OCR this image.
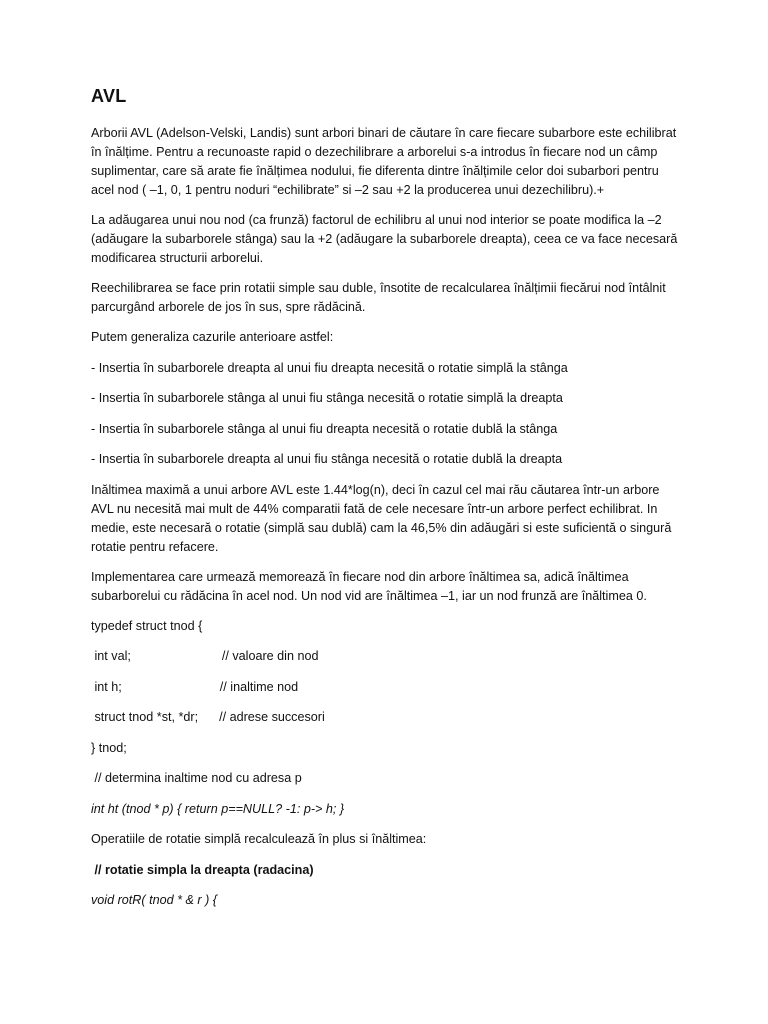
AVL

Arborii AVL (Adelson-Velski, Landis) sunt arbori binari de căutare în care fiecare subarbore este echilibrat în înălțime. Pentru a recunoaste rapid o dezechilibrare a arborelui s-a introdus în fiecare nod un câmp suplimentar, care să arate fie înălțimea nodului, fie diferenta dintre înălțimile celor doi subarbori pentru acel nod ( –1, 0, 1 pentru noduri “echilibrate” si –2 sau +2 la producerea unui dezechilibru).+

La adăugarea unui nou nod (ca frunză) factorul de echilibru al unui nod interior se poate modifica la –2 (adăugare la subarborele stânga) sau la +2 (adăugare la subarborele dreapta), ceea ce va face necesară modificarea structurii arborelui.

Reechilibrarea se face prin rotatii simple sau duble, însotite de recalcularea înălțimii fiecărui nod întâlnit parcurgând arborele de jos în sus, spre rădăcină.

Putem generaliza cazurile anterioare astfel:

- Insertia în subarborele dreapta al unui fiu dreapta necesită o rotatie simplă la stânga

- Insertia în subarborele stânga al unui fiu stânga necesită o rotatie simplă la dreapta

- Insertia în subarborele stânga al unui fiu dreapta necesită o rotatie dublă la stânga

- Insertia în subarborele dreapta al unui fiu stânga necesită o rotatie dublă la dreapta

Inăltimea maximă a unui arbore AVL este 1.44*log(n), deci în cazul cel mai rău căutarea într-un arbore AVL nu necesită mai mult de 44% comparatii fată de cele necesare într-un arbore perfect echilibrat. In medie, este necesară o rotatie (simplă sau dublă) cam la 46,5% din adăugări si este suficientă o singură rotatie pentru refacere.

Implementarea care urmează memorează în fiecare nod din arbore înăltimea sa, adică înăltimea subarborelui cu rădăcina în acel nod. Un nod vid are înăltimea –1, iar un nod frunză are înăltimea 0.

typedef struct tnod {

int val;                          // valoare din nod

int h;                            // inaltime nod

struct tnod *st, *dr;      // adrese succesori

} tnod;

// determina inaltime nod cu adresa p

int ht (tnod * p) { return p==NULL? -1: p-> h; }

Operatiile de rotatie simplă recalculează în plus si înăltimea:

// rotatie simpla la dreapta (radacina)

void rotR( tnod * & r ) {
